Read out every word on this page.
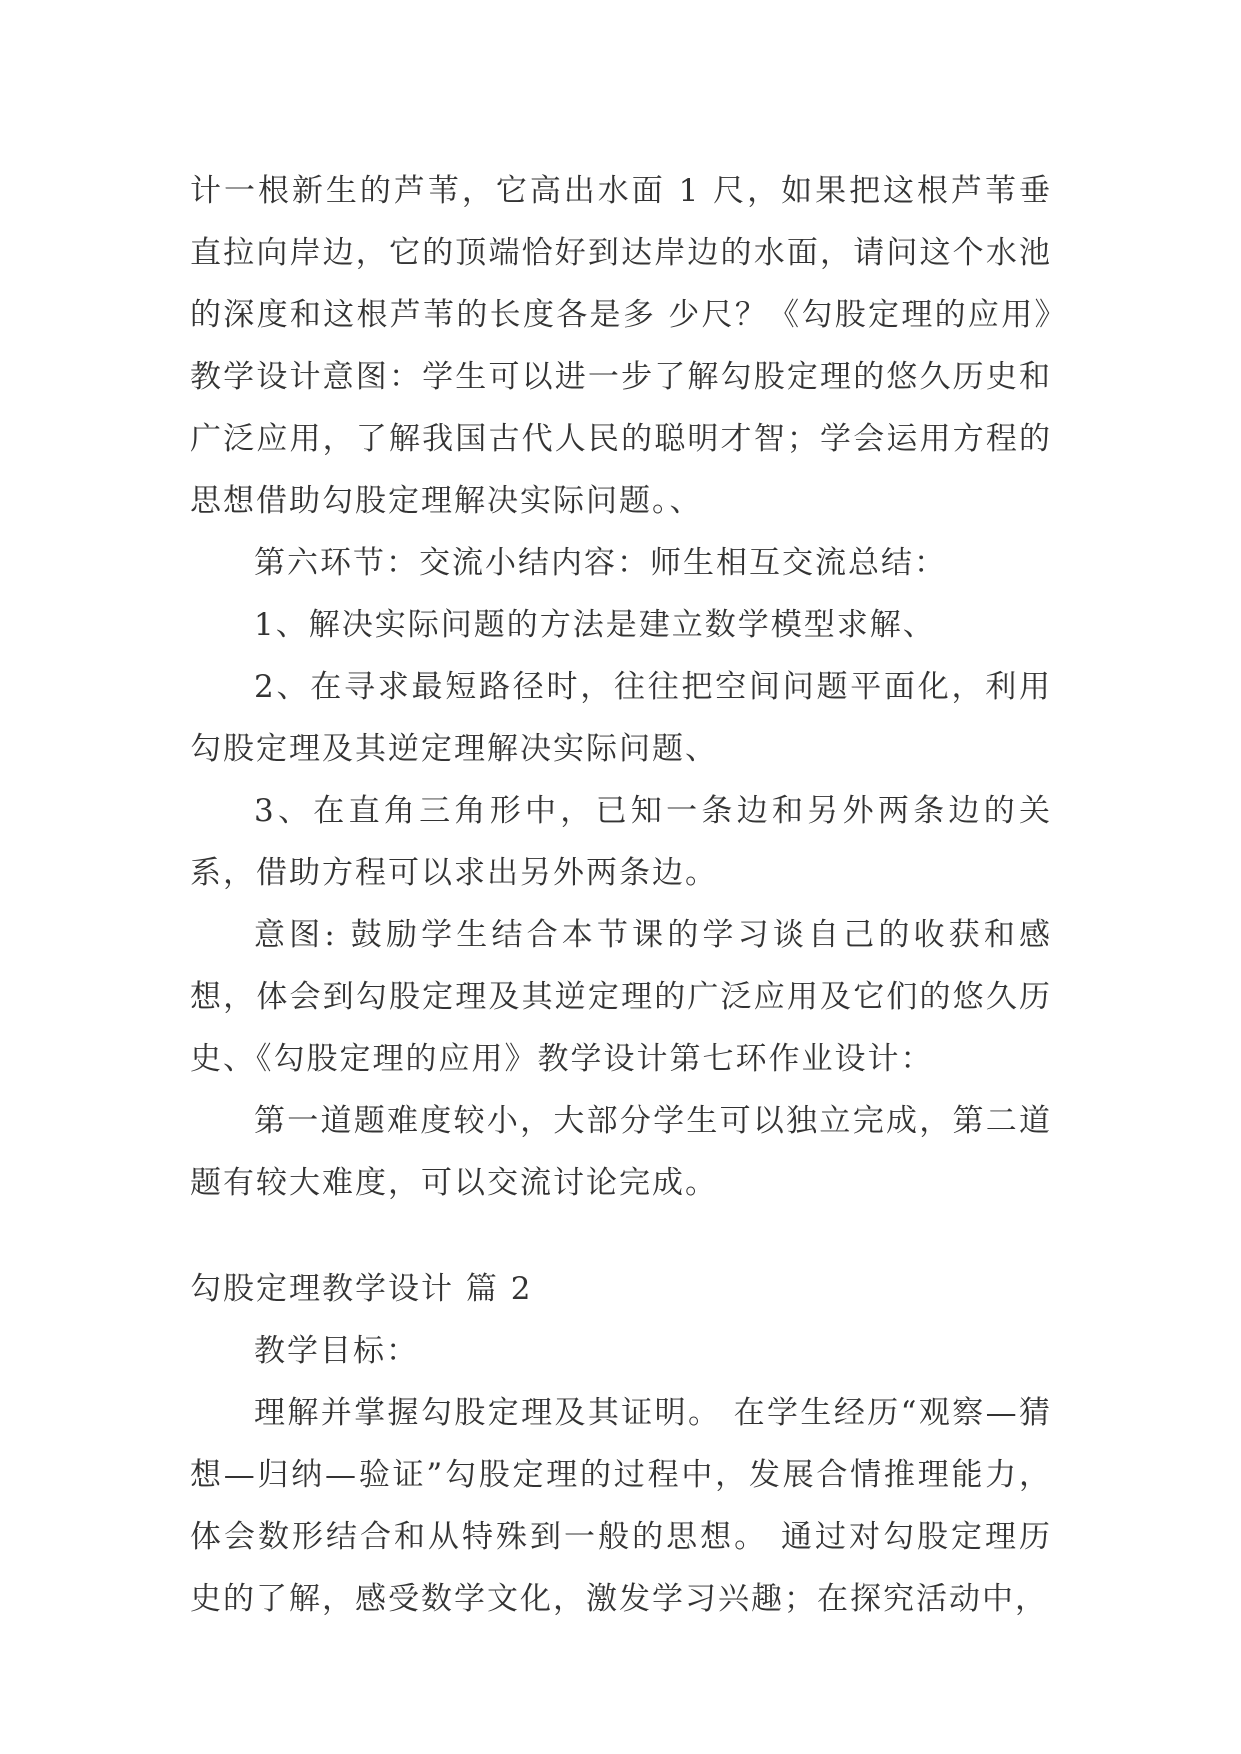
计一根新生的芦苇，它高出水面 1 尺，如果把这根芦苇垂直拉向岸边，它的顶端恰好到达岸边的水面，请问这个水池的深度和这根芦苇的长度各是多 少尺？《勾股定理的应用》教学设计意图：学生可以进一步了解勾股定理的悠久历史和广泛应用，了解我国古代人民的聪明才智；学会运用方程的思想借助勾股定理解决实际问题。、

第六环节：交流小结内容：师生相互交流总结：

1、解决实际问题的方法是建立数学模型求解、

2、在寻求最短路径时，往往把空间问题平面化，利用勾股定理及其逆定理解决实际问题、

3、在直角三角形中，已知一条边和另外两条边的关系，借助方程可以求出另外两条边。

意图: 鼓励学生结合本节课的学习谈自己的收获和感想，体会到勾股定理及其逆定理的广泛应用及它们的悠久历史、《勾股定理的应用》教学设计第七环作业设计：

第一道题难度较小，大部分学生可以独立完成，第二道题有较大难度，可以交流讨论完成。

勾股定理教学设计 篇 2

教学目标：

理解并掌握勾股定理及其证明。 在学生经历“观察—猜想—归纳—验证”勾股定理的过程中，发展合情推理能力，体会数形结合和从特殊到一般的思想。 通过对勾股定理历史的了解，感受数学文化，激发学习兴趣；在探究活动中，
